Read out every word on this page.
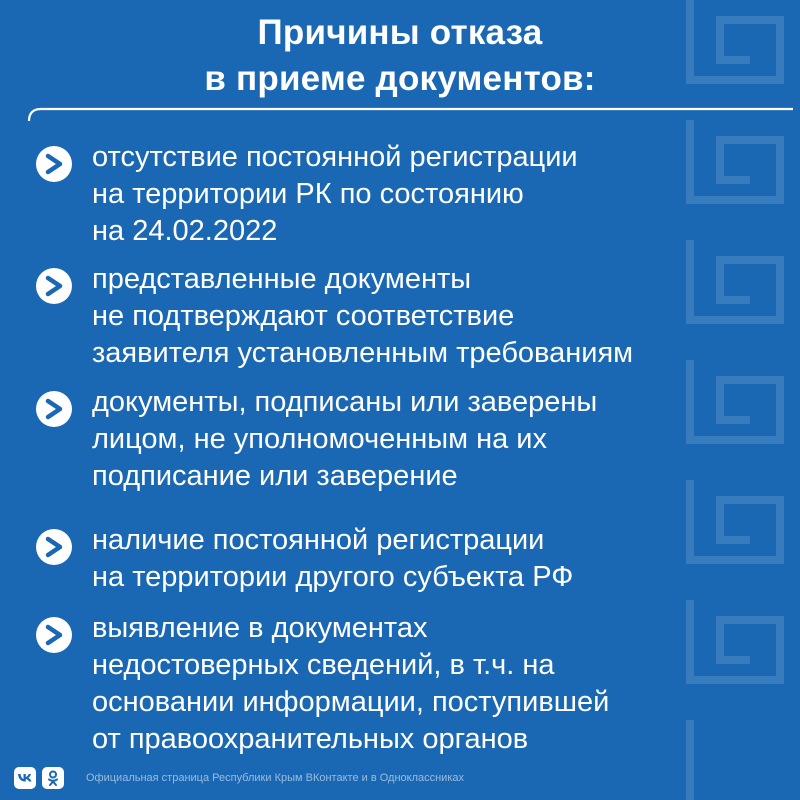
Причины отказа
в приеме документов:
отсутствие постоянной регистрации
на территории РК по состоянию
на 24.02.2022
представленные документы
не подтверждают соответствие
заявителя установленным требованиям
документы, подписаны или заверены
лицом, не уполномоченным на их
подписание или заверение
наличие постоянной регистрации
на территории другого субъекта РФ
выявление в документах
недостоверных сведений, в т.ч. на
основании информации, поступившей
от правоохранительных органов
Официальная страница Республики Крым ВКонтакте и в Одноклассниках
